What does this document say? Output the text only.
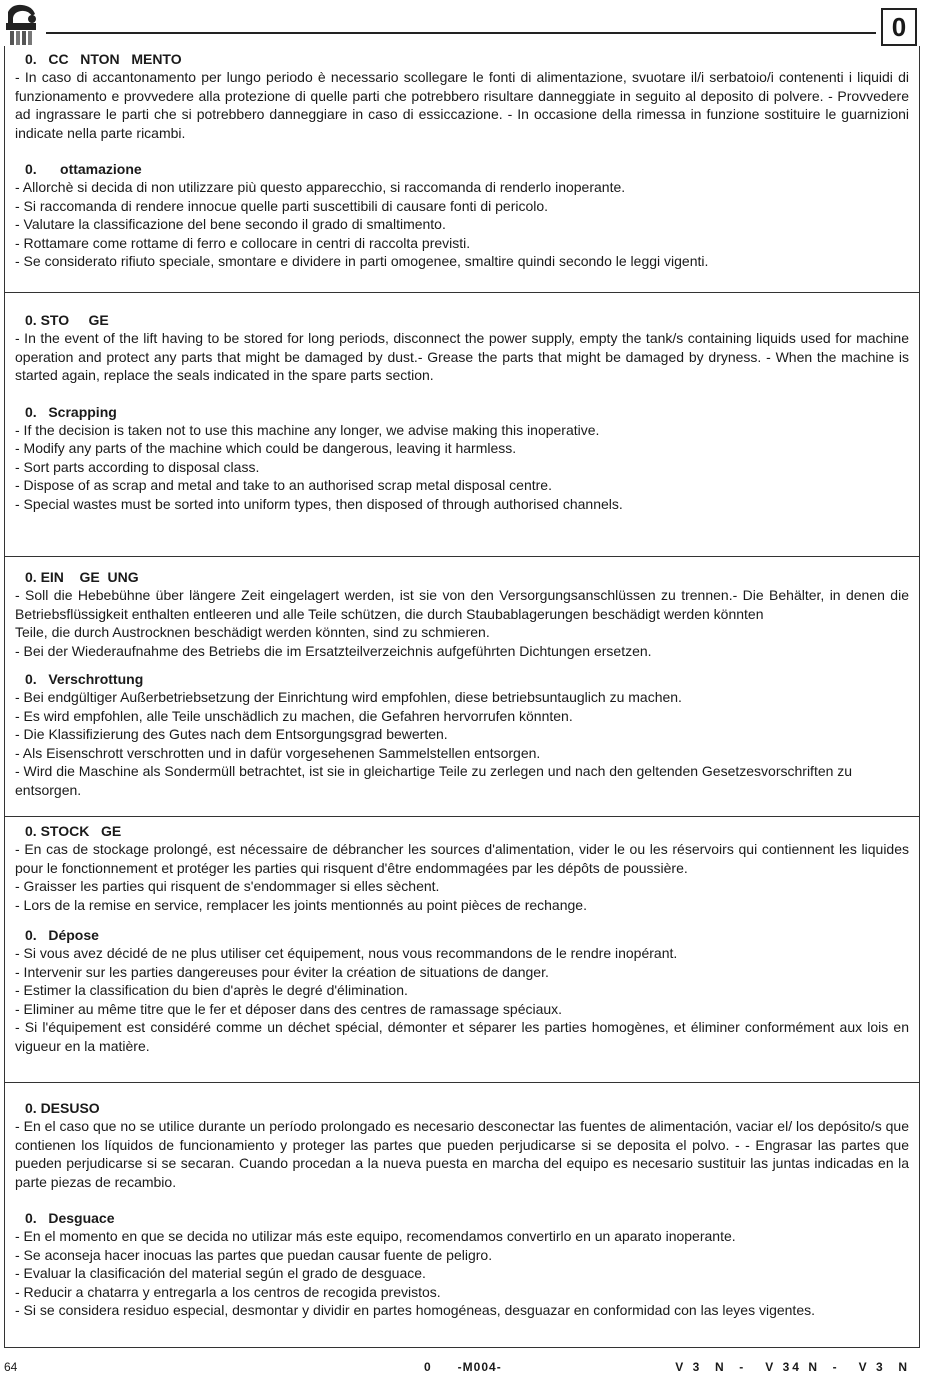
0
0.   CC   NTON   MENTO

- In caso di accantonamento per lungo periodo è necessario scollegare le fonti di alimentazione, svuotare il/i serbatoio/i contenenti i liquidi di funzionamento e provvedere alla protezione di quelle parti che potrebbero risultare danneggiate in seguito al deposito di polvere. - Provvedere ad ingrassare le parti che si potrebbero danneggiare in caso di essiccazione. - In occasione della rimessa in funzione sostituire le guarnizioni indicate nella parte ricambi.

0.      ottamazione

- Allorchè si decida di non utilizzare più questo apparecchio, si raccomanda di renderlo inoperante.

- Si raccomanda di rendere innocue quelle parti suscettibili di causare fonti di pericolo.

- Valutare la classificazione del bene secondo il grado di smaltimento.

- Rottamare come rottame di ferro e collocare in centri di raccolta previsti.

- Se considerato rifiuto speciale, smontare e dividere in parti omogenee, smaltire quindi secondo le leggi vigenti.

0. STO     GE

- In the event of the lift having to be stored for long periods, disconnect the power supply, empty the tank/s containing liquids used for machine operation and protect any parts that might be damaged by dust.- Grease the parts that might be damaged by dryness. - When the machine is started again, replace the seals indicated in the spare parts section.

0.   Scrapping

- If the decision is taken not to use this machine any longer, we advise making this inoperative.

- Modify any parts of the machine which could be dangerous, leaving it harmless.

- Sort parts according to disposal class.

- Dispose of as scrap and metal and take to an authorised scrap metal disposal centre.

- Special wastes must be sorted into uniform types, then disposed of through authorised channels.

0. EIN    GE  UNG

- Soll die Hebebühne über längere Zeit eingelagert werden, ist sie von den Versorgungsanschlüssen zu trennen.- Die Behälter, in denen die Betriebsflüssigkeit enthalten entleeren und alle Teile schützen, die durch Staubablagerungen beschädigt werden könnten

Teile, die durch Austrocknen beschädigt werden könnten, sind zu schmieren.

- Bei der Wiederaufnahme des Betriebs die im Ersatzteilverzeichnis aufgeführten Dichtungen ersetzen.

0.   Verschrottung

- Bei endgültiger Außerbetriebsetzung der Einrichtung wird empfohlen, diese betriebsuntauglich zu machen.

- Es wird empfohlen, alle Teile unschädlich zu machen, die Gefahren hervorrufen könnten.

- Die Klassifizierung des Gutes nach dem Entsorgungsgrad bewerten.

- Als Eisenschrott verschrotten und in dafür vorgesehenen Sammelstellen entsorgen.

- Wird die Maschine als Sondermüll betrachtet, ist sie in gleichartige Teile zu zerlegen und nach den geltenden Gesetzesvorschriften zu entsorgen.

0. STOCK   GE

- En cas de stockage prolongé, est nécessaire de débrancher les sources d'alimentation, vider le ou les réservoirs qui contiennent les liquides pour le fonctionnement et protéger les parties qui risquent d'être endommagées par les dépôts de poussière.

- Graisser les parties qui risquent de s'endommager si elles sèchent.

- Lors de la remise en service, remplacer les joints mentionnés au point pièces de rechange.

0.   Dépose

- Si vous avez décidé de ne plus utiliser cet équipement, nous vous recommandons de le rendre inopérant.

- Intervenir sur les parties dangereuses pour éviter la création de situations de danger.

- Estimer la classification du bien d'après le degré d'élimination.

- Eliminer au même titre que le fer et déposer dans des centres de ramassage spéciaux.

- Si l'équipement est considéré comme un déchet spécial, démonter et séparer les parties homogènes, et éliminer conformément aux lois en vigueur en la matière.

0. DESUSO

- En el caso que no se utilice durante un período prolongado es necesario desconectar las fuentes de alimentación, vaciar el/ los depósito/s que contienen los líquidos de funcionamiento y proteger las partes que pueden perjudicarse si se deposita el polvo. - - Engrasar las partes que pueden perjudicarse si se secaran. Cuando procedan a la nueva puesta en marcha del equipo es necesario sustituir las juntas indicadas en la parte piezas de recambio.

0.   Desguace

- En el momento en que se decida no utilizar más este equipo, recomendamos convertirlo en un aparato inoperante.

- Se aconseja hacer inocuas las partes que puedan causar fuente de peligro.

- Evaluar la clasificación del material según el grado de desguace.

- Reducir a chatarra y entregarla a los centros de recogida previstos.

- Si se considera residuo especial, desmontar y dividir en partes homogéneas, desguazar en conformidad con las leyes vigentes.

64	0      -M004-	V 3  N  -   V 34 N  -   V 3  N
